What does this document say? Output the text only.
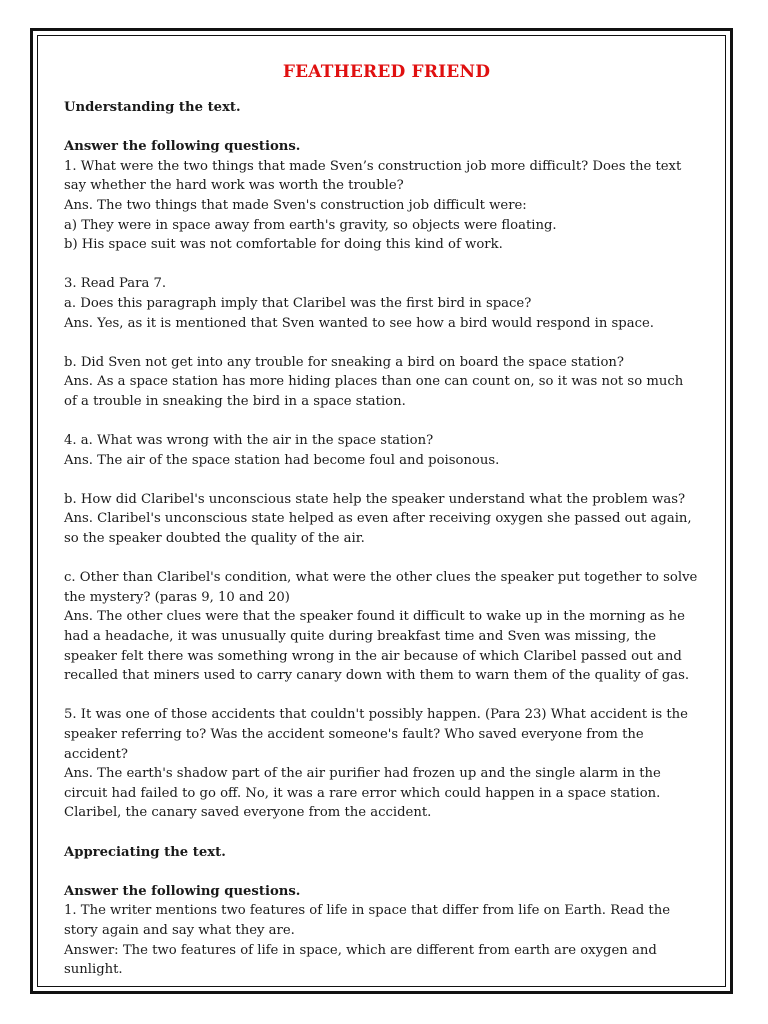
FEATHERED FRIEND
Understanding the text.
Answer the following questions.
1. What were the two things that made Sven’s construction job more difficult? Does the text
say whether the hard work was worth the trouble?
Ans. The two things that made Sven's construction job difficult were:
a) They were in space away from earth's gravity, so objects were floating.
b) His space suit was not comfortable for doing this kind of work.
3. Read Para 7.
a. Does this paragraph imply that Claribel was the first bird in space?
Ans. Yes, as it is mentioned that Sven wanted to see how a bird would respond in space.
b. Did Sven not get into any trouble for sneaking a bird on board the space station?
Ans. As a space station has more hiding places than one can count on, so it was not so much
of a trouble in sneaking the bird in a space station.
4. a. What was wrong with the air in the space station?
Ans. The air of the space station had become foul and poisonous.
b. How did Claribel's unconscious state help the speaker understand what the problem was?
Ans. Claribel's unconscious state helped as even after receiving oxygen she passed out again,
so the speaker doubted the quality of the air.
c. Other than Claribel's condition, what were the other clues the speaker put together to solve
the mystery? (paras 9, 10 and 20)
Ans. The other clues were that the speaker found it difficult to wake up in the morning as he
had a headache, it was unusually quite during breakfast time and Sven was missing, the
speaker felt there was something wrong in the air because of which Claribel passed out and
recalled that miners used to carry canary down with them to warn them of the quality of gas.
5. It was one of those accidents that couldn't possibly happen. (Para 23) What accident is the
speaker referring to? Was the accident someone's fault? Who saved everyone from the
accident?
Ans. The earth's shadow part of the air purifier had frozen up and the single alarm in the
circuit had failed to go off. No, it was a rare error which could happen in a space station.
Claribel, the canary saved everyone from the accident.
Appreciating the text.
Answer the following questions.
1. The writer mentions two features of life in space that differ from life on Earth. Read the
story again and say what they are.
Answer: The two features of life in space, which are different from earth are oxygen and
sunlight.
